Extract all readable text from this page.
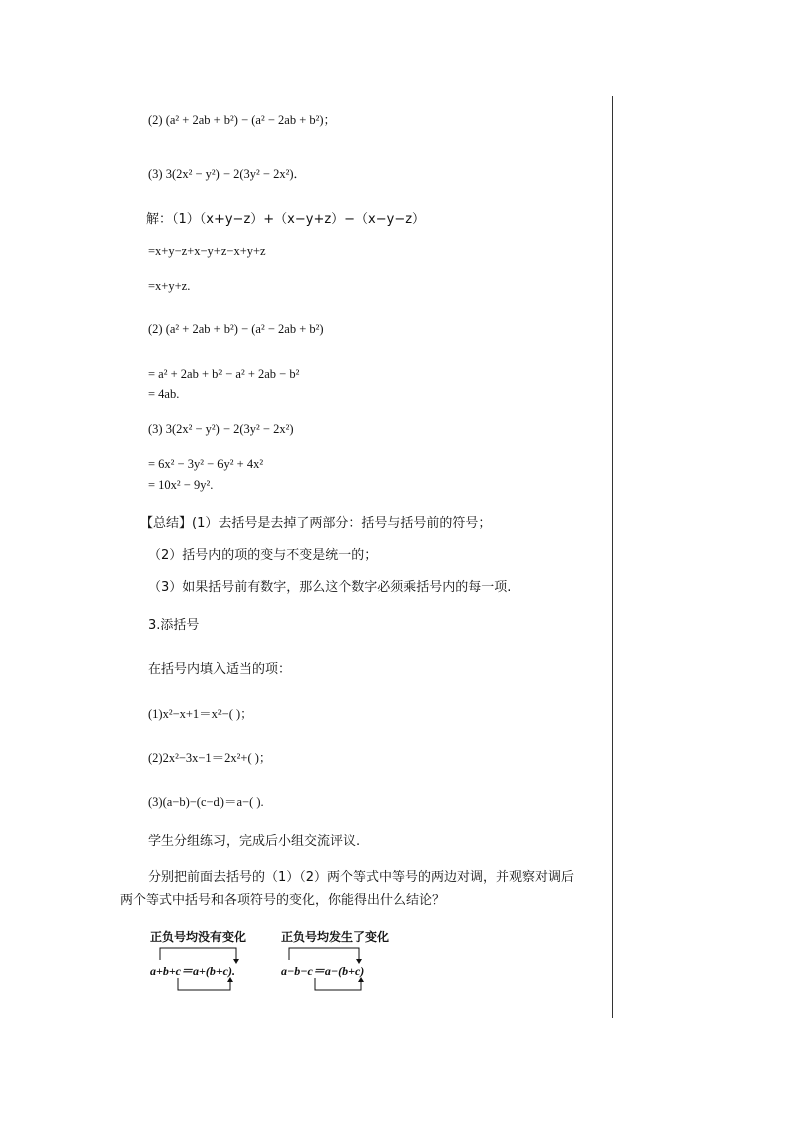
(2) (a² + 2ab + b²) − (a² − 2ab + b²)；
(3) 3(2x² − y²) − 2(3y² − 2x²)．
解：（1）（x+y−z）+（x−y+z）−（x−y−z）
=x+y−z+x−y+z−x+y+z
=x+y+z.
(2) (a² + 2ab + b²) − (a² − 2ab + b²)
= a² + 2ab + b² − a² + 2ab − b²
= 4ab.
(3) 3(2x² − y²) − 2(3y² − 2x²)
= 6x² − 3y² − 6y² + 4x²
= 10x² − 9y².
【总结】(1）去括号是去掉了两部分：括号与括号前的符号；
（2）括号内的项的变与不变是统一的；
（3）如果括号前有数字，那么这个数字必须乘括号内的每一项.
3.添括号
在括号内填入适当的项：
(1)x²−x+1＝x²−( )；
(2)2x²−3x−1＝2x²+( )；
(3)(a−b)−(c−d)＝a−( ).
学生分组练习，完成后小组交流评议.
分别把前面去括号的（1）（2）两个等式中等号的两边对调，并观察对调后
两个等式中括号和各项符号的变化，你能得出什么结论？
正负号均没有变化
a+b+c＝a+(b+c).
正负号均发生了变化
a−b−c＝a−(b+c)
